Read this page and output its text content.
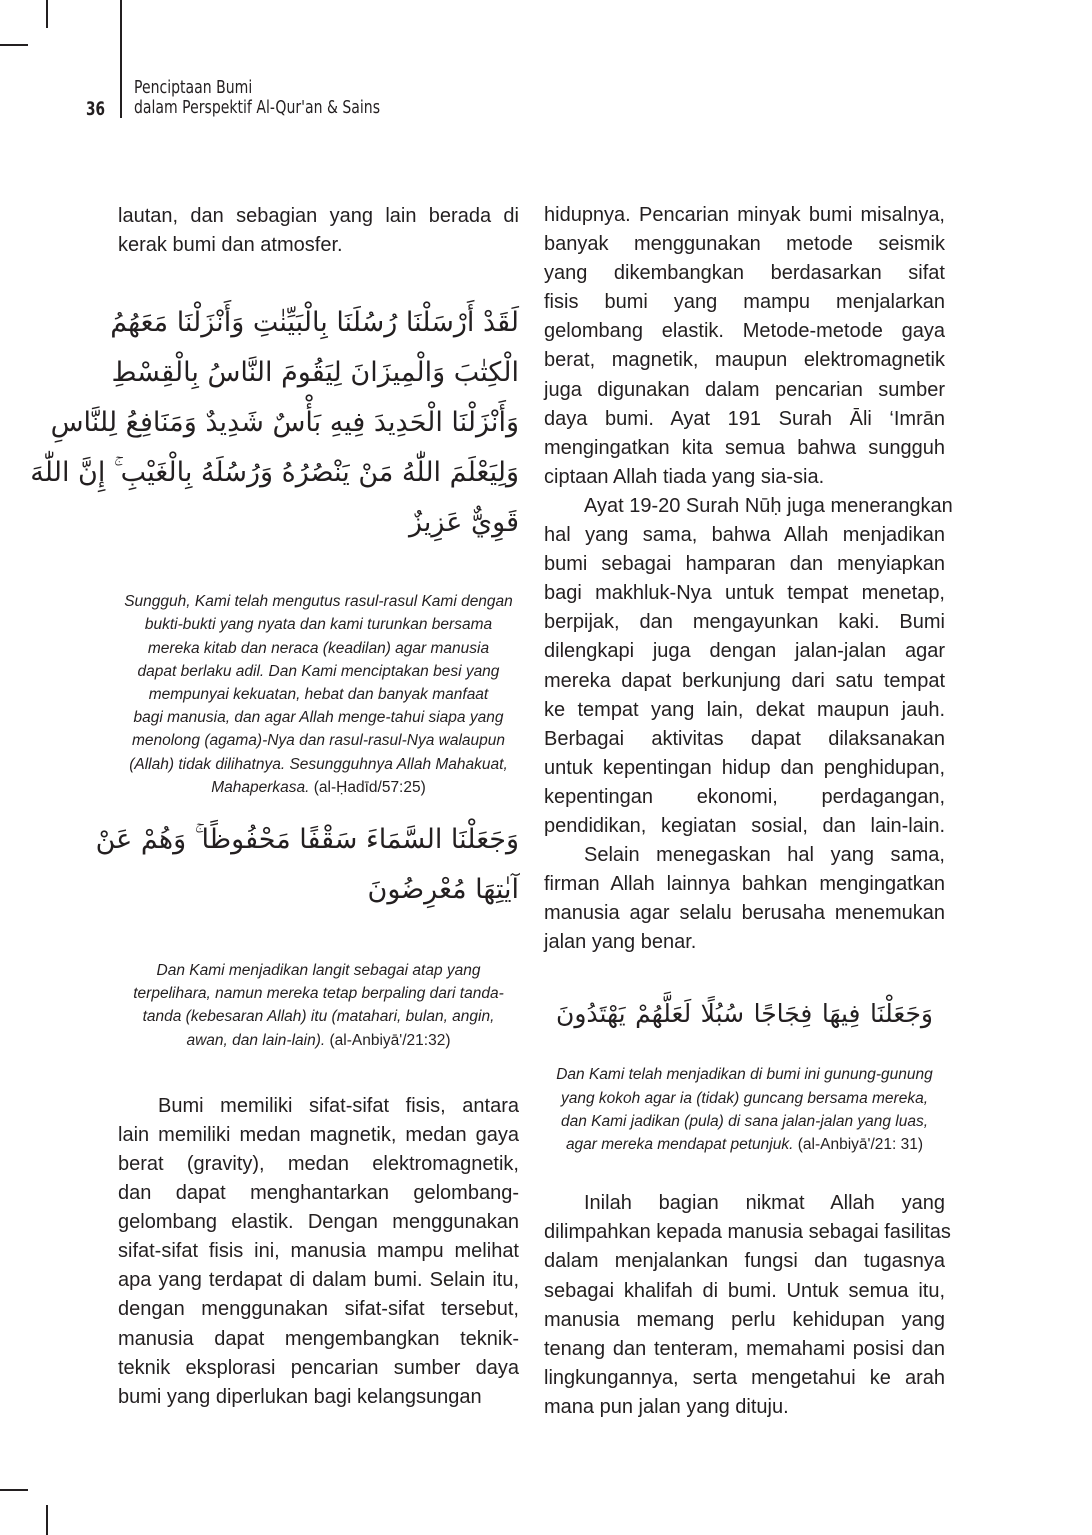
36
Penciptaan Bumi
dalam Perspektif Al-Qur'an & Sains
lautan, dan sebagian yang lain berada di
kerak bumi dan atmosfer.
لَقَدْ أَرْسَلْنَا رُسُلَنَا بِالْبَيِّنٰتِ وَأَنْزَلْنَا مَعَهُمُ
الْكِتٰبَ وَالْمِيزَانَ لِيَقُومَ النَّاسُ بِالْقِسْطِ
وَأَنْزَلْنَا الْحَدِيدَ فِيهِ بَأْسٌ شَدِيدٌ وَمَنَافِعُ لِلنَّاسِ
وَلِيَعْلَمَ اللّٰهُ مَنْ يَنْصُرُهُ وَرُسُلَهُ بِالْغَيْبِ ۚ إِنَّ اللّٰهَ
قَوِيٌّ عَزِيزٌ
Sungguh, Kami telah mengutus rasul-rasul Kami dengan
bukti-bukti yang nyata dan kami turunkan bersama
mereka kitab dan neraca (keadilan) agar manusia
dapat berlaku adil. Dan Kami menciptakan besi yang
mempunyai kekuatan, hebat dan banyak manfaat
bagi manusia, dan agar Allah menge-tahui siapa yang
menolong (agama)-Nya dan rasul-rasul-Nya walaupun
(Allah) tidak dilihatnya. Sesungguhnya Allah Mahakuat,
Mahaperkasa. (al-Ḥadīd/57:25)
وَجَعَلْنَا السَّمَاءَ سَقْفًا مَحْفُوظًا ۚ وَهُمْ عَنْ
آيٰتِهَا مُعْرِضُونَ
Dan Kami menjadikan langit sebagai atap yang
terpelihara, namun mereka tetap berpaling dari tanda-
tanda (kebesaran Allah) itu (matahari, bulan, angin,
awan, dan lain-lain). (al-Anbiyā'/21:32)
Bumi memiliki sifat-sifat fisis, antara
lain memiliki medan magnetik, medan gaya
berat (gravity), medan elektromagnetik,
dan dapat menghantarkan gelombang-
gelombang elastik. Dengan menggunakan
sifat-sifat fisis ini, manusia mampu melihat
apa yang terdapat di dalam bumi. Selain itu,
dengan menggunakan sifat-sifat tersebut,
manusia dapat mengembangkan teknik-
teknik eksplorasi pencarian sumber daya
bumi yang diperlukan bagi kelangsungan
hidupnya. Pencarian minyak bumi misalnya,
banyak menggunakan metode seismik
yang dikembangkan berdasarkan sifat
fisis bumi yang mampu menjalarkan
gelombang elastik. Metode-metode gaya
berat, magnetik, maupun elektromagnetik
juga digunakan dalam pencarian sumber
daya bumi. Ayat 191 Surah Āli ‘Imrān
mengingatkan kita semua bahwa sungguh
ciptaan Allah tiada yang sia-sia.
Ayat 19-20 Surah Nūḥ juga menerangkan
hal yang sama, bahwa Allah menjadikan
bumi sebagai hamparan dan menyiapkan
bagi makhluk-Nya untuk tempat menetap,
berpijak, dan mengayunkan kaki. Bumi
dilengkapi juga dengan jalan-jalan agar
mereka dapat berkunjung dari satu tempat
ke tempat yang lain, dekat maupun jauh.
Berbagai aktivitas dapat dilaksanakan
untuk kepentingan hidup dan penghidupan,
kepentingan ekonomi, perdagangan,
pendidikan, kegiatan sosial, dan lain-lain.
Selain menegaskan hal yang sama,
firman Allah lainnya bahkan mengingatkan
manusia agar selalu berusaha menemukan
jalan yang benar.
وَجَعَلْنَا فِيهَا فِجَاجًا سُبُلًا لَعَلَّهُمْ يَهْتَدُونَ
Dan Kami telah menjadikan di bumi ini gunung-gunung
yang kokoh agar ia (tidak) guncang bersama mereka,
dan Kami jadikan (pula) di sana jalan-jalan yang luas,
agar mereka mendapat petunjuk. (al-Anbiyā'/21: 31)
Inilah bagian nikmat Allah yang
dilimpahkan kepada manusia sebagai fasilitas
dalam menjalankan fungsi dan tugasnya
sebagai khalifah di bumi. Untuk semua itu,
manusia memang perlu kehidupan yang
tenang dan tenteram, memahami posisi dan
lingkungannya, serta mengetahui ke arah
mana pun jalan yang dituju.
